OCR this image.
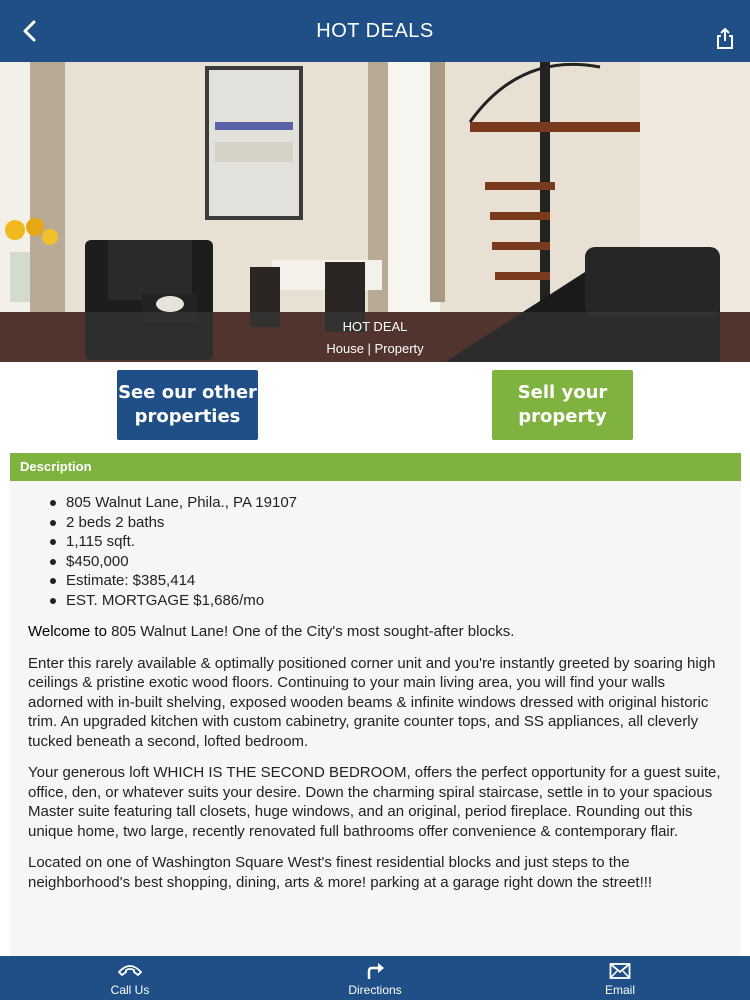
HOT DEALS
HOT DEAL
House | Property
See our other properties
Sell your property
Description
805 Walnut Lane, Phila., PA 19107
2 beds 2 baths
1,115 sqft.
$450,000
Estimate: $385,414
EST. MORTGAGE $1,686/mo

Welcome to 805 Walnut Lane! One of the City's most sought-after blocks.

Enter this rarely available & optimally positioned corner unit and you're instantly greeted by soaring high ceilings & pristine exotic wood floors. Continuing to your main living area, you will find your walls adorned with in-built shelving, exposed wooden beams & infinite windows dressed with original historic trim. An upgraded kitchen with custom cabinetry, granite counter tops, and SS appliances, all cleverly tucked beneath a second, lofted bedroom.

Your generous loft WHICH IS THE SECOND BEDROOM, offers the perfect opportunity for a guest suite, office, den, or whatever suits your desire. Down the charming spiral staircase, settle in to your spacious Master suite featuring tall closets, huge windows, and an original, period fireplace. Rounding out this unique home, two large, recently renovated full bathrooms offer convenience & contemporary flair.

Located on one of Washington Square West's finest residential blocks and just steps to the neighborhood's best shopping, dining, arts & more! parking at a garage right down the street!!!

Call Us	Directions	Email
